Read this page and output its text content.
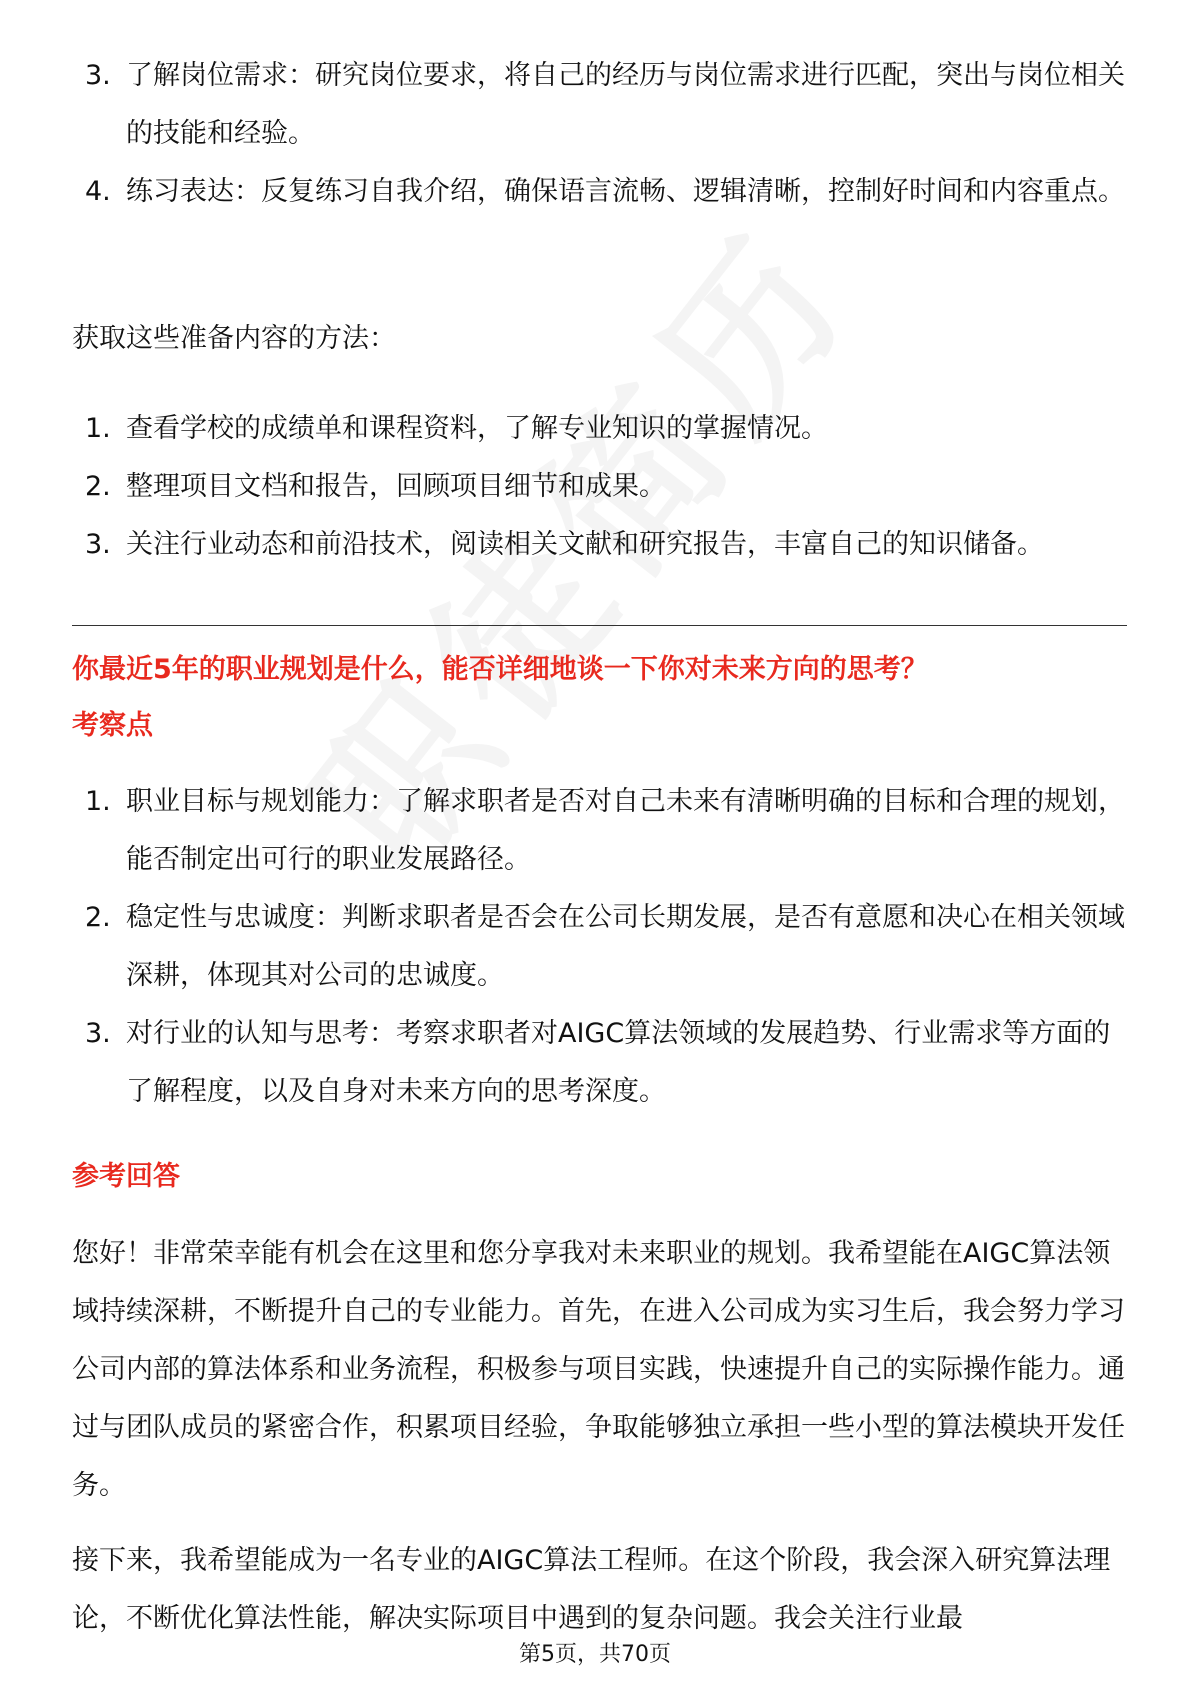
3. 了解岗位需求：研究岗位要求，将自己的经历与岗位需求进行匹配，突出与岗位相关的技能和经验。
4. 练习表达：反复练习自我介绍，确保语言流畅、逻辑清晰，控制好时间和内容重点。

获取这些准备内容的方法：

1. 查看学校的成绩单和课程资料，了解专业知识的掌握情况。
2. 整理项目文档和报告，回顾项目细节和成果。
3. 关注行业动态和前沿技术，阅读相关文献和研究报告，丰富自己的知识储备。

你最近5年的职业规划是什么，能否详细地谈一下你对未来方向的思考？

考察点

1. 职业目标与规划能力：了解求职者是否对自己未来有清晰明确的目标和合理的规划，能否制定出可行的职业发展路径。
2. 稳定性与忠诚度：判断求职者是否会在公司长期发展，是否有意愿和决心在相关领域深耕，体现其对公司的忠诚度。
3. 对行业的认知与思考：考察求职者对AIGC算法领域的发展趋势、行业需求等方面的了解程度，以及自身对未来方向的思考深度。

参考回答

您好！非常荣幸能有机会在这里和您分享我对未来职业的规划。我希望能在AIGC算法领域持续深耕，不断提升自己的专业能力。首先，在进入公司成为实习生后，我会努力学习公司内部的算法体系和业务流程，积极参与项目实践，快速提升自己的实际操作能力。通过与团队成员的紧密合作，积累项目经验，争取能够独立承担一些小型的算法模块开发任务。

接下来，我希望能成为一名专业的AIGC算法工程师。在这个阶段，我会深入研究算法理论，不断优化算法性能，解决实际项目中遇到的复杂问题。我会关注行业最

第5页，共70页
